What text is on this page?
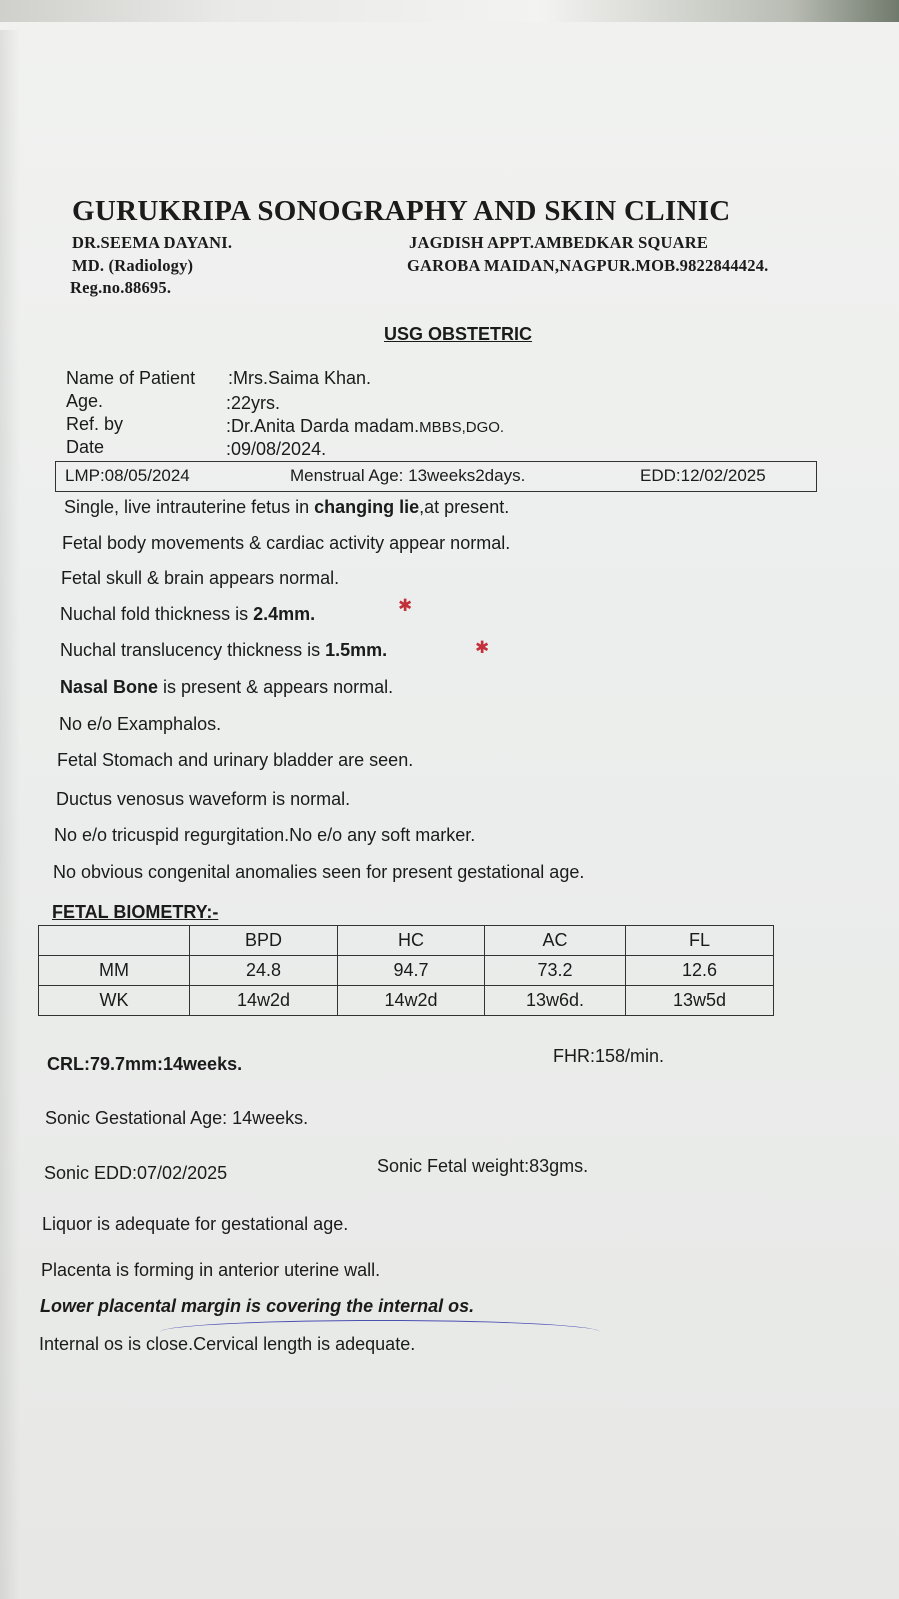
GURUKRIPA SONOGRAPHY AND SKIN CLINIC
DR.SEEMA DAYANI.
MD. (Radiology)
Reg.no.88695.
JAGDISH APPT.AMBEDKAR SQUARE
GAROBA MAIDAN,NAGPUR.MOB.9822844424.
USG OBSTETRIC
Name of Patient :Mrs.Saima Khan.
Age.	:22yrs.
Ref. by	:Dr.Anita Darda madam.MBBS,DGO.
Date	:09/08/2024.
LMP:08/05/2024	Menstrual Age: 13weeks2days.	EDD:12/02/2025
Single, live intrauterine fetus in changing lie,at present.
Fetal body movements & cardiac activity appear normal.
Fetal skull & brain appears normal.
Nuchal fold thickness is 2.4mm.	✱
Nuchal translucency thickness is 1.5mm.	✱
Nasal Bone is present & appears normal.
No e/o Examphalos.
Fetal Stomach and urinary bladder are seen.
Ductus venosus waveform is normal.
No e/o tricuspid regurgitation.No e/o any soft marker.
No obvious congenital anomalies seen for present gestational age.
FETAL BIOMETRY:-
	BPD	HC	AC	FL
MM	24.8	94.7	73.2	12.6
WK	14w2d	14w2d	13w6d.	13w5d
CRL:79.7mm:14weeks.	FHR:158/min.
Sonic Gestational Age: 14weeks.
Sonic EDD:07/02/2025	Sonic Fetal weight:83gms.
Liquor is adequate for gestational age.
Placenta is forming in anterior uterine wall.
Lower placental margin is covering the internal os.
Internal os is close.Cervical length is adequate.
